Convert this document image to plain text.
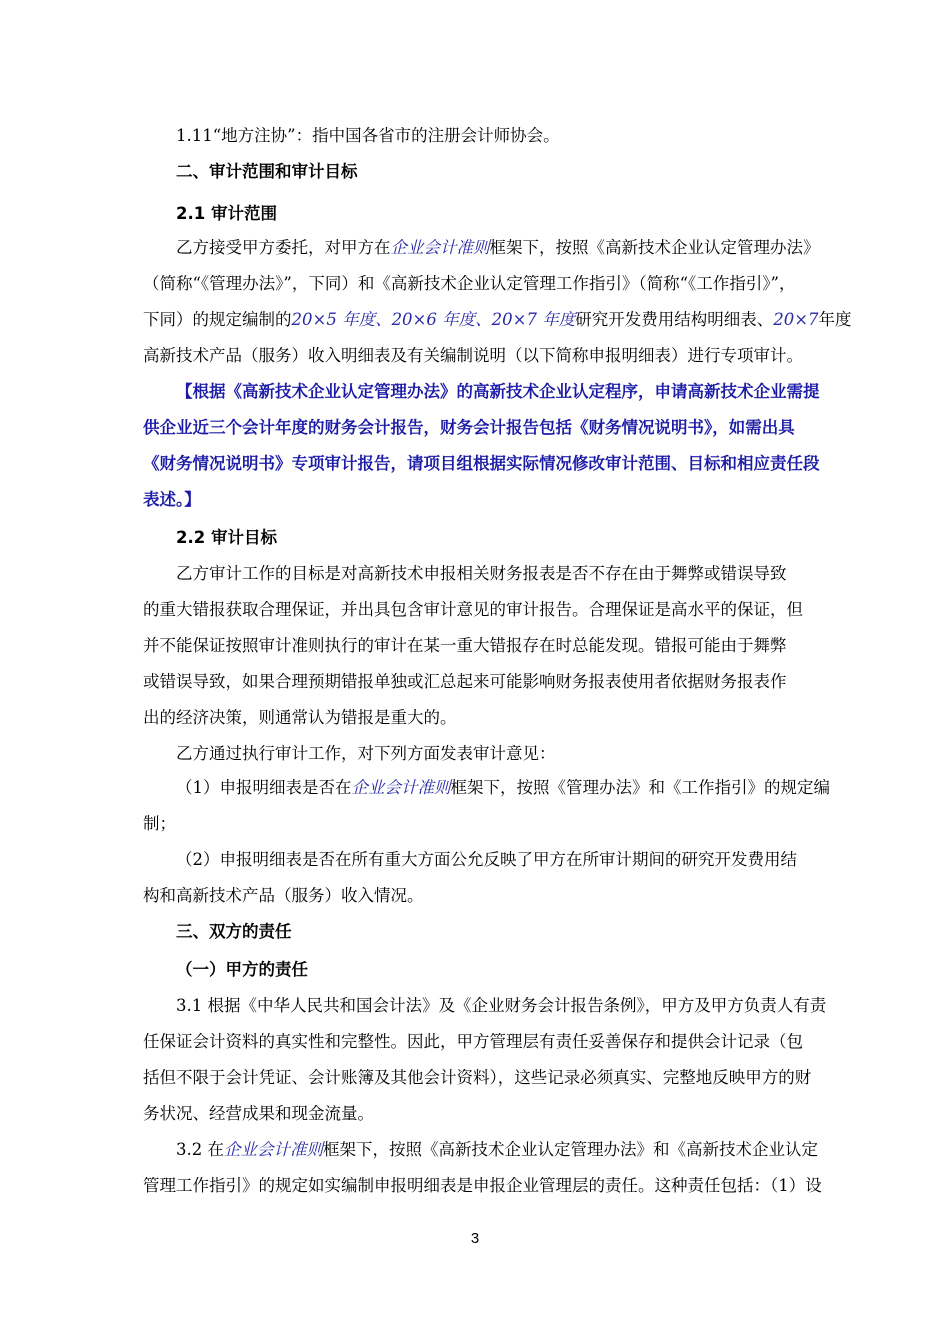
1.11“地方注协”：指中国各省市的注册会计师协会。
二、审计范围和审计目标
2.1 审计范围
乙方接受甲方委托，对甲方在企业会计准则框架下，按照《高新技术企业认定管理办法》
（简称“《管理办法》”，下同）和《高新技术企业认定管理工作指引》（简称“《工作指引》”，
下同）的规定编制的20×5 年度、20×6 年度、20×7 年度研究开发费用结构明细表、20×7年度
高新技术产品（服务）收入明细表及有关编制说明（以下简称申报明细表）进行专项审计。
【根据《高新技术企业认定管理办法》的高新技术企业认定程序，申请高新技术企业需提
供企业近三个会计年度的财务会计报告，财务会计报告包括《财务情况说明书》，如需出具
《财务情况说明书》专项审计报告，请项目组根据实际情况修改审计范围、目标和相应责任段
表述。】
2.2 审计目标
乙方审计工作的目标是对高新技术申报相关财务报表是否不存在由于舞弊或错误导致
的重大错报获取合理保证，并出具包含审计意见的审计报告。合理保证是高水平的保证，但
并不能保证按照审计准则执行的审计在某一重大错报存在时总能发现。错报可能由于舞弊
或错误导致，如果合理预期错报单独或汇总起来可能影响财务报表使用者依据财务报表作
出的经济决策，则通常认为错报是重大的。
乙方通过执行审计工作，对下列方面发表审计意见：
（1）申报明细表是否在企业会计准则框架下，按照《管理办法》和《工作指引》的规定编
制；
（2）申报明细表是否在所有重大方面公允反映了甲方在所审计期间的研究开发费用结
构和高新技术产品（服务）收入情况。
三、双方的责任
（一）甲方的责任
3.1 根据《中华人民共和国会计法》及《企业财务会计报告条例》，甲方及甲方负责人有责
任保证会计资料的真实性和完整性。因此，甲方管理层有责任妥善保存和提供会计记录（包
括但不限于会计凭证、会计账簿及其他会计资料），这些记录必须真实、完整地反映甲方的财
务状况、经营成果和现金流量。
3.2 在企业会计准则框架下，按照《高新技术企业认定管理办法》和《高新技术企业认定
管理工作指引》的规定如实编制申报明细表是申报企业管理层的责任。这种责任包括：（1）设
3
